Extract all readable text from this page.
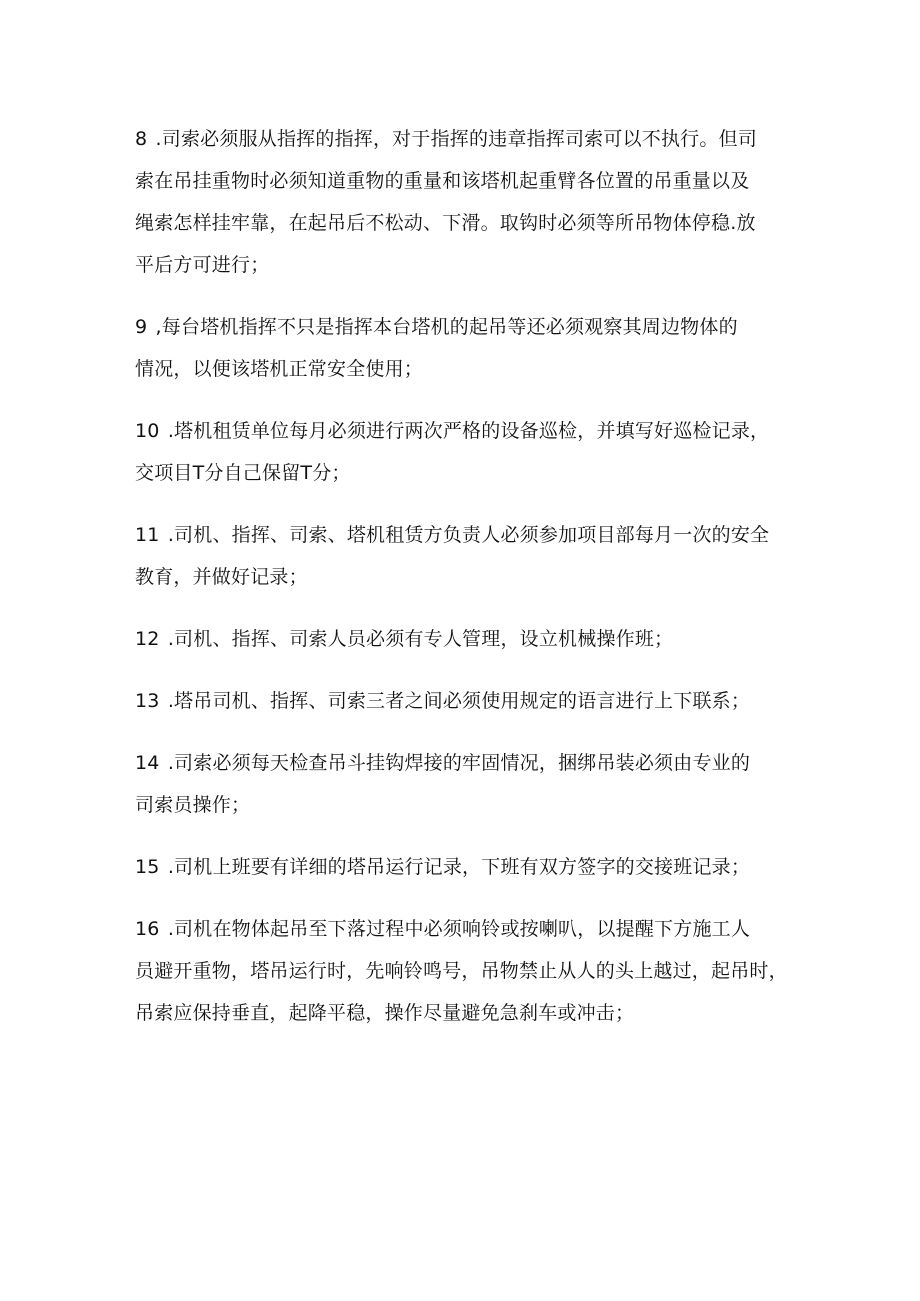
8 .司索必须服从指挥的指挥，对于指挥的违章指挥司索可以不执行。但司
索在吊挂重物时必须知道重物的重量和该塔机起重臂各位置的吊重量以及
绳索怎样挂牢靠，在起吊后不松动、下滑。取钩时必须等所吊物体停稳.放
平后方可进行；
9 ,每台塔机指挥不只是指挥本台塔机的起吊等还必须观察其周边物体的
情况，以便该塔机正常安全使用；
10 .塔机租赁单位每月必须进行两次严格的设备巡检，并填写好巡检记录，
交项目T分自己保留T分；
11 .司机、指挥、司索、塔机租赁方负责人必须参加项目部每月一次的安全
教育，并做好记录；
12 .司机、指挥、司索人员必须有专人管理，设立机械操作班；
13 .塔吊司机、指挥、司索三者之间必须使用规定的语言进行上下联系；
14 .司索必须每天检查吊斗挂钩焊接的牢固情况，捆绑吊装必须由专业的
司索员操作；
15 .司机上班要有详细的塔吊运行记录，下班有双方签字的交接班记录；
16 .司机在物体起吊至下落过程中必须响铃或按喇叭，以提醒下方施工人
员避开重物，塔吊运行时，先响铃鸣号，吊物禁止从人的头上越过，起吊时，
吊索应保持垂直，起降平稳，操作尽量避免急刹车或冲击；
